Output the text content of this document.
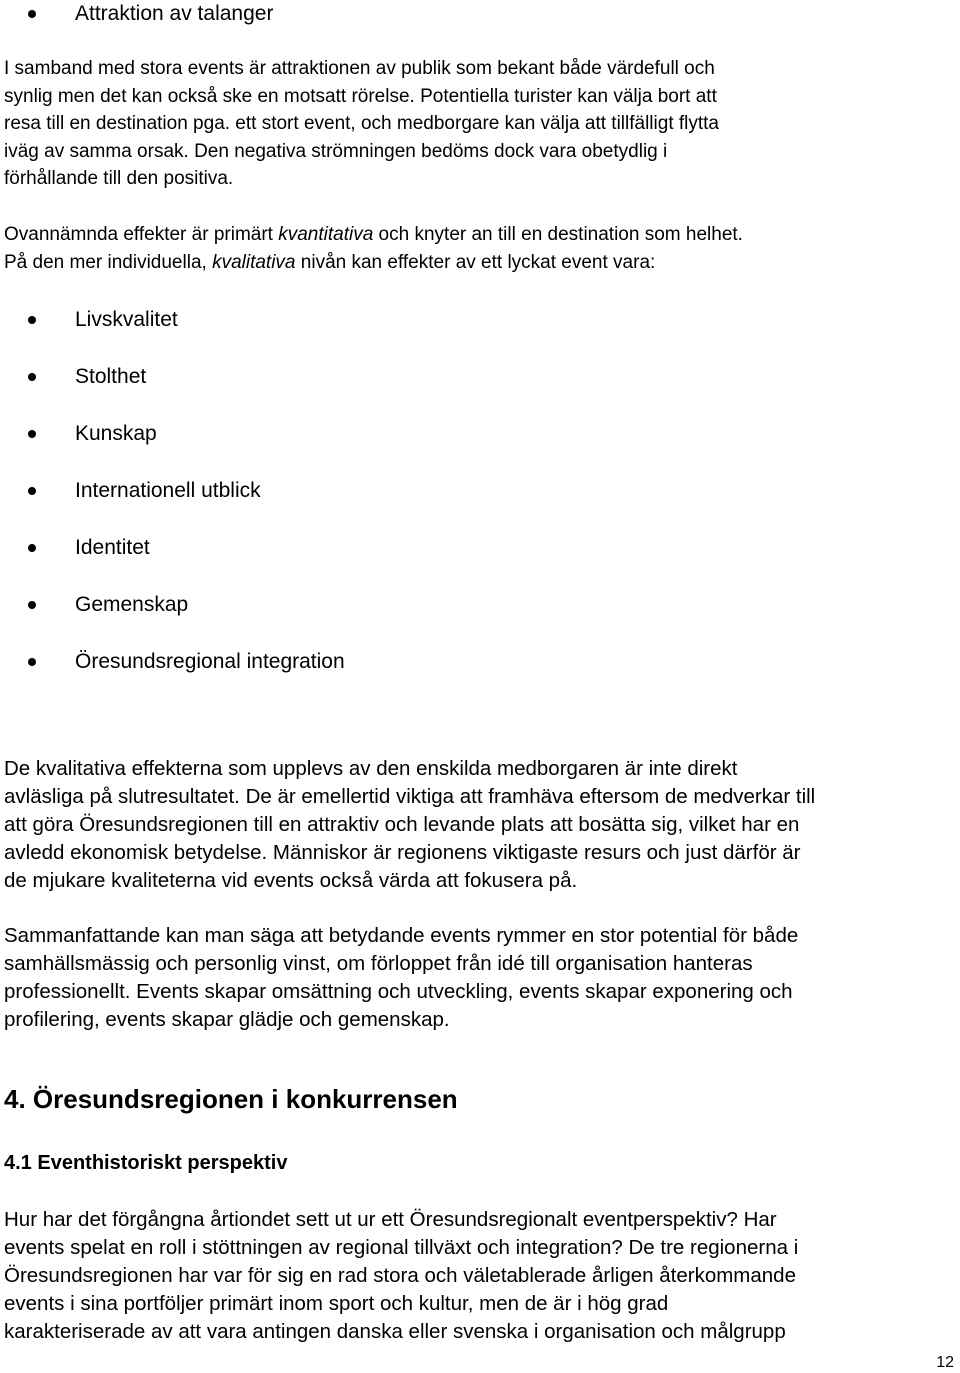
Attraktion av talanger
I samband med stora events är attraktionen av publik som bekant både värdefull och
synlig men det kan också ske en motsatt rörelse. Potentiella turister kan välja bort att
resa till en destination pga. ett stort event, och medborgare kan välja att tillfälligt flytta
iväg av samma orsak. Den negativa strömningen bedöms dock vara obetydlig i
förhållande till den positiva.
Ovannämnda effekter är primärt kvantitativa och knyter an till en destination som helhet.
På den mer individuella, kvalitativa nivån kan effekter av ett lyckat event vara:
Livskvalitet
Stolthet
Kunskap
Internationell utblick
Identitet
Gemenskap
Öresundsregional integration
De kvalitativa effekterna som upplevs av den enskilda medborgaren är inte direkt
avläsliga på slutresultatet. De är emellertid viktiga att framhäva eftersom de medverkar till
att göra Öresundsregionen till en attraktiv och levande plats att bosätta sig, vilket har en
avledd ekonomisk betydelse. Människor är regionens viktigaste resurs och just därför är
de mjukare kvaliteterna vid events också värda att fokusera på.
Sammanfattande kan man säga att betydande events rymmer en stor potential för både
samhällsmässig och personlig vinst, om förloppet från idé till organisation hanteras
professionellt. Events skapar omsättning och utveckling, events skapar exponering och
profilering, events skapar glädje och gemenskap.
4. Öresundsregionen i konkurrensen
4.1 Eventhistoriskt perspektiv
Hur har det förgångna årtiondet sett ut ur ett Öresundsregionalt eventperspektiv? Har
events spelat en roll i stöttningen av regional tillväxt och integration? De tre regionerna i
Öresundsregionen har var för sig en rad stora och väletablerade årligen återkommande
events i sina portföljer primärt inom sport och kultur, men de är i hög grad
karakteriserade av att vara antingen danska eller svenska i organisation och målgrupp
12
